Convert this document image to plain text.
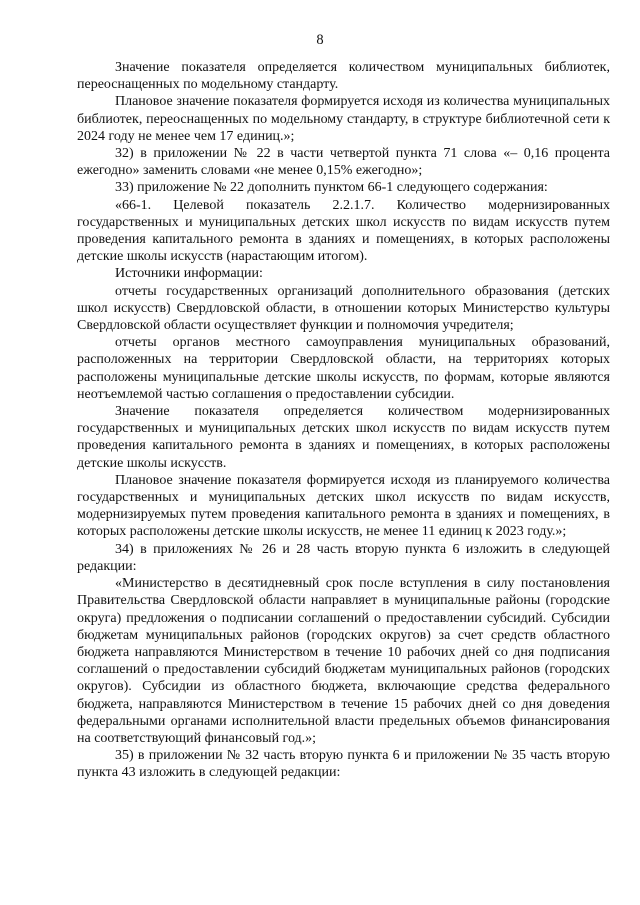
8

Значение показателя определяется количеством муниципальных библиотек, переоснащенных по модельному стандарту.

Плановое значение показателя формируется исходя из количества муниципальных библиотек, переоснащенных по модельному стандарту, в структуре библиотечной сети к 2024 году не менее чем 17 единиц.»;

32) в приложении № 22 в части четвертой пункта 71 слова «– 0,16 процента ежегодно» заменить словами «не менее 0,15% ежегодно»;

33) приложение № 22 дополнить пунктом 66-1 следующего содержания:

«66-1. Целевой показатель 2.2.1.7. Количество модернизированных государственных и муниципальных детских школ искусств по видам искусств путем проведения капитального ремонта в зданиях и помещениях, в которых расположены детские школы искусств (нарастающим итогом).

Источники информации:

отчеты государственных организаций дополнительного образования (детских школ искусств) Свердловской области, в отношении которых Министерство культуры Свердловской области осуществляет функции и полномочия учредителя;

отчеты органов местного самоуправления муниципальных образований, расположенных на территории Свердловской области, на территориях которых расположены муниципальные детские школы искусств, по формам, которые являются неотъемлемой частью соглашения о предоставлении субсидии.

Значение показателя определяется количеством модернизированных государственных и муниципальных детских школ искусств по видам искусств путем проведения капитального ремонта в зданиях и помещениях, в которых расположены детские школы искусств.

Плановое значение показателя формируется исходя из планируемого количества государственных и муниципальных детских школ искусств по видам искусств, модернизируемых путем проведения капитального ремонта в зданиях и помещениях, в которых расположены детские школы искусств, не менее 11 единиц к 2023 году.»;

34) в приложениях № 26 и 28 часть вторую пункта 6 изложить в следующей редакции:

«Министерство в десятидневный срок после вступления в силу постановления Правительства Свердловской области направляет в муниципальные районы (городские округа) предложения о подписании соглашений о предоставлении субсидий. Субсидии бюджетам муниципальных районов (городских округов) за счет средств областного бюджета направляются Министерством в течение 10 рабочих дней со дня подписания соглашений о предоставлении субсидий бюджетам муниципальных районов (городских округов). Субсидии из областного бюджета, включающие средства федерального бюджета, направляются Министерством в течение 15 рабочих дней со дня доведения федеральными органами исполнительной власти предельных объемов финансирования на соответствующий финансовый год.»;

35) в приложении № 32 часть вторую пункта 6 и приложении № 35 часть вторую пункта 43 изложить в следующей редакции:
